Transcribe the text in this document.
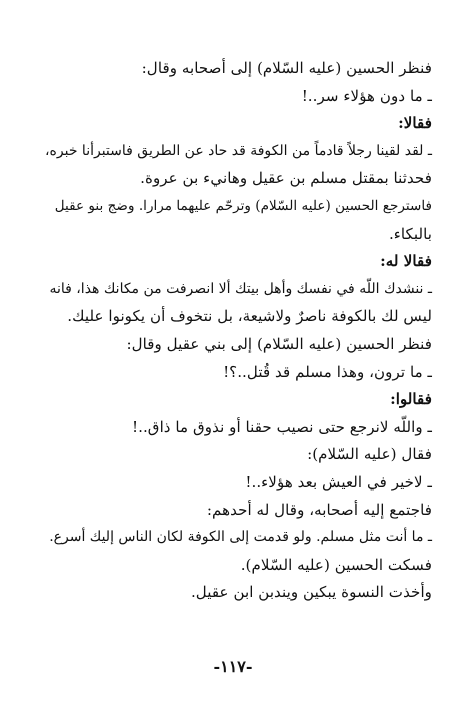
فنظر الحسين (عليه السّلام) إلى أصحابه وقال:
ـ ما دون هؤلاء سر..!
فقالا:
ـ لقد لقينا رجلاً قادماً من الكوفة قد حاد عن الطريق فاستبرأنا خبره،
فحدثنا بمقتل مسلم بن عقيل وهانيء بن عروة.
فاسترجع الحسين (عليه السّلام) وترحّم عليهما مرارا. وضج بنو عقيل
بالبكاء.
فقالا له:
ـ ننشدك اللّه في نفسك وأهل بيتك ألا انصرفت من مكانك هذا، فانه
ليس لك بالكوفة ناصرٌ ولاشيعة، بل نتخوف أن يكونوا عليك.
فنظر الحسين (عليه السّلام) إلى بني عقيل وقال:
ـ ما ترون، وهذا مسلم قد قُتل..؟!
فقالوا:
ـ واللّه لانرجع حتى نصيب حقنا أو نذوق ما ذاق..!
فقال (عليه السّلام):
ـ لاخير في العيش بعد هؤلاء..!
فاجتمع إليه أصحابه، وقال له أحدهم:
ـ ما أنت مثل مسلم. ولو قدمت إلى الكوفة لكان الناس إليك أسرع.
فسكت الحسين (عليه السّلام).
وأخذت النسوة يبكين ويندبن ابن عقيل.
-١١٧-
